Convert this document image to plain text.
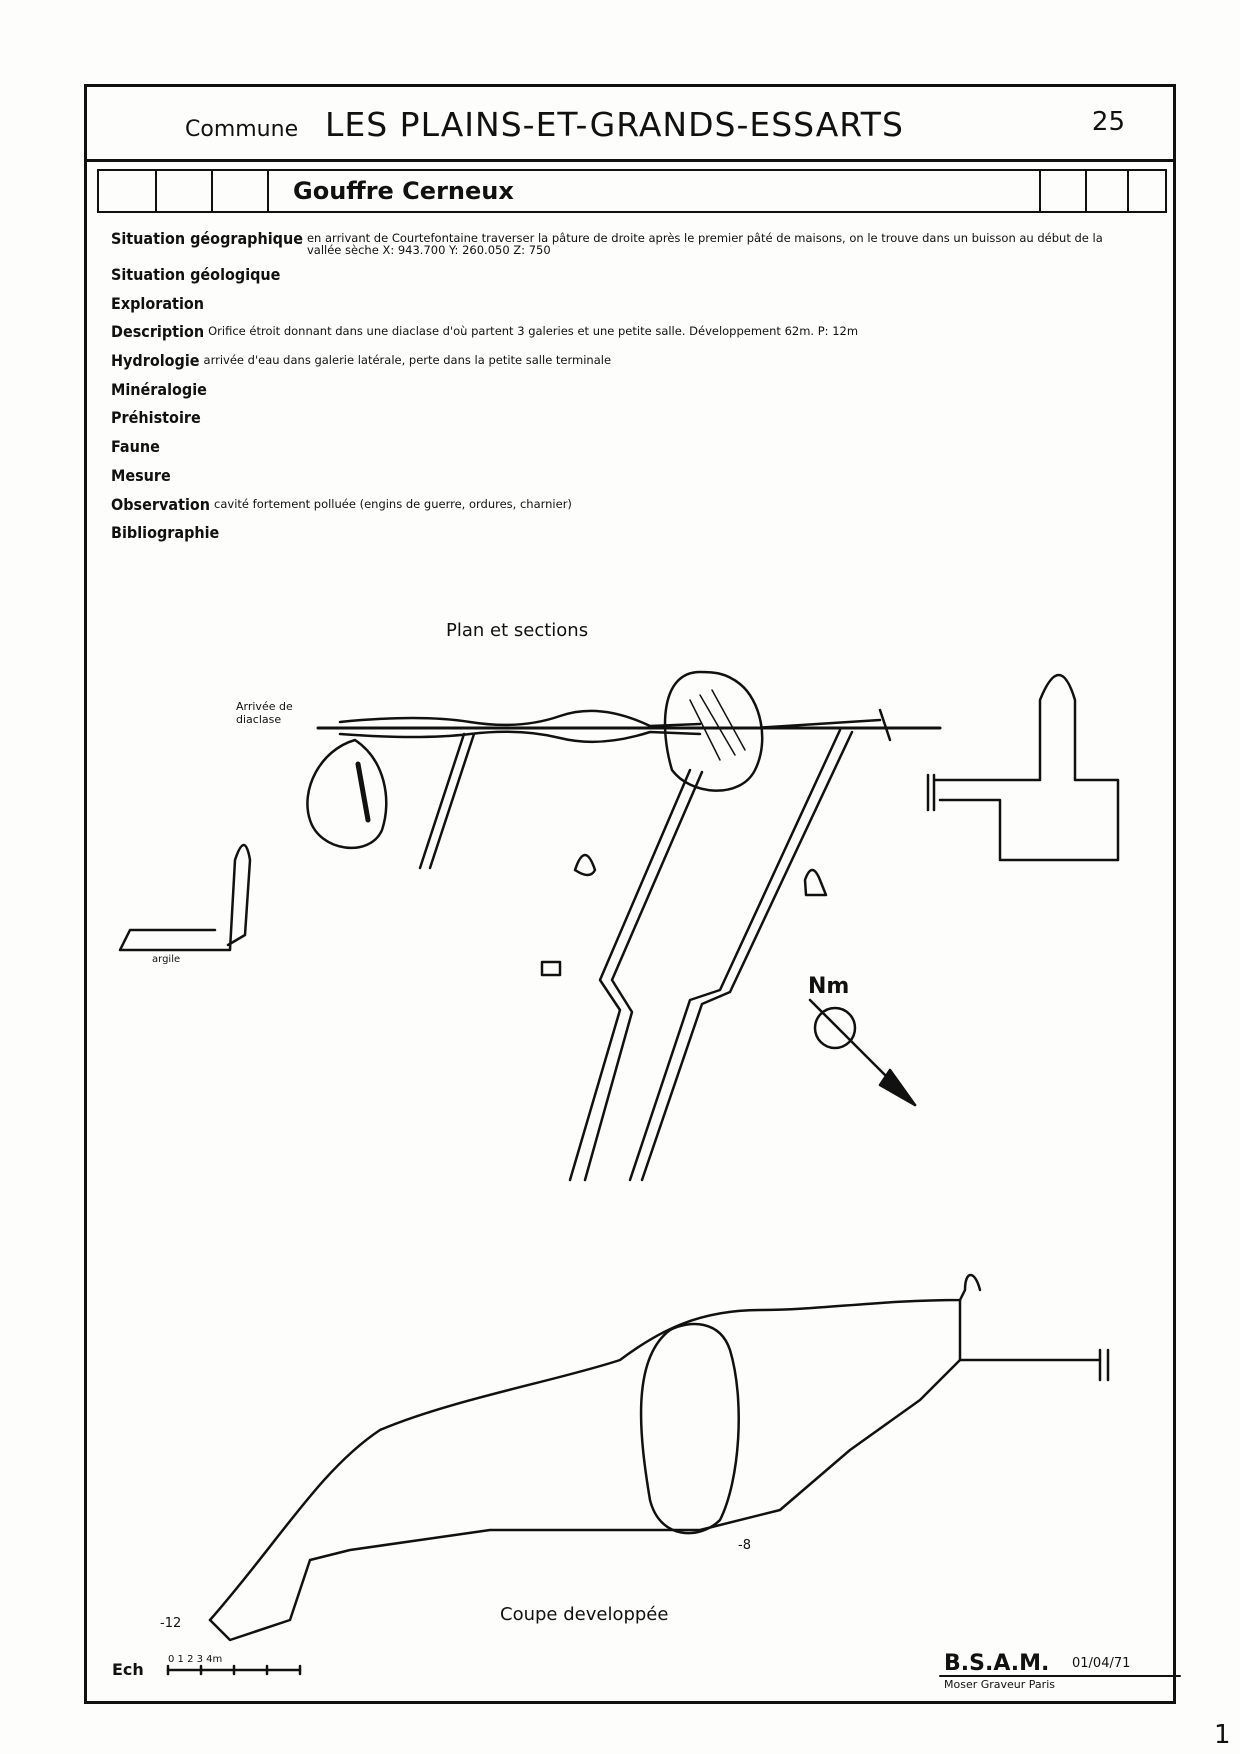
Commune LES PLAINS-ET-GRANDS-ESSARTS	25
Gouffre Cerneux
Situation géographique en arrivant de Courtefontaine traverser la pâture de droite après le premier pâté de maisons, on le trouve dans un buisson au début de la vallée sèche X: 943.700 Y: 260.050 Z: 750
Situation géologique
Exploration
Description Orifice étroit donnant dans une diaclase d'où partent 3 galeries et une petite salle. Développement 62m. P: 12m
Hydrologie arrivée d'eau dans galerie latérale, perte dans la petite salle terminale
Minéralogie
Préhistoire
Faune
Mesure
Observation cavité fortement polluée (engins de guerre, ordures, charnier)
Bibliographie
Plan et sections
Coupe developpée
Nm
-8
-12
Arrivée de diaclase
argile
Ech
0 1 2 3 4m	B.S.A.M. 01/04/71
Moser Graveur Paris
1
